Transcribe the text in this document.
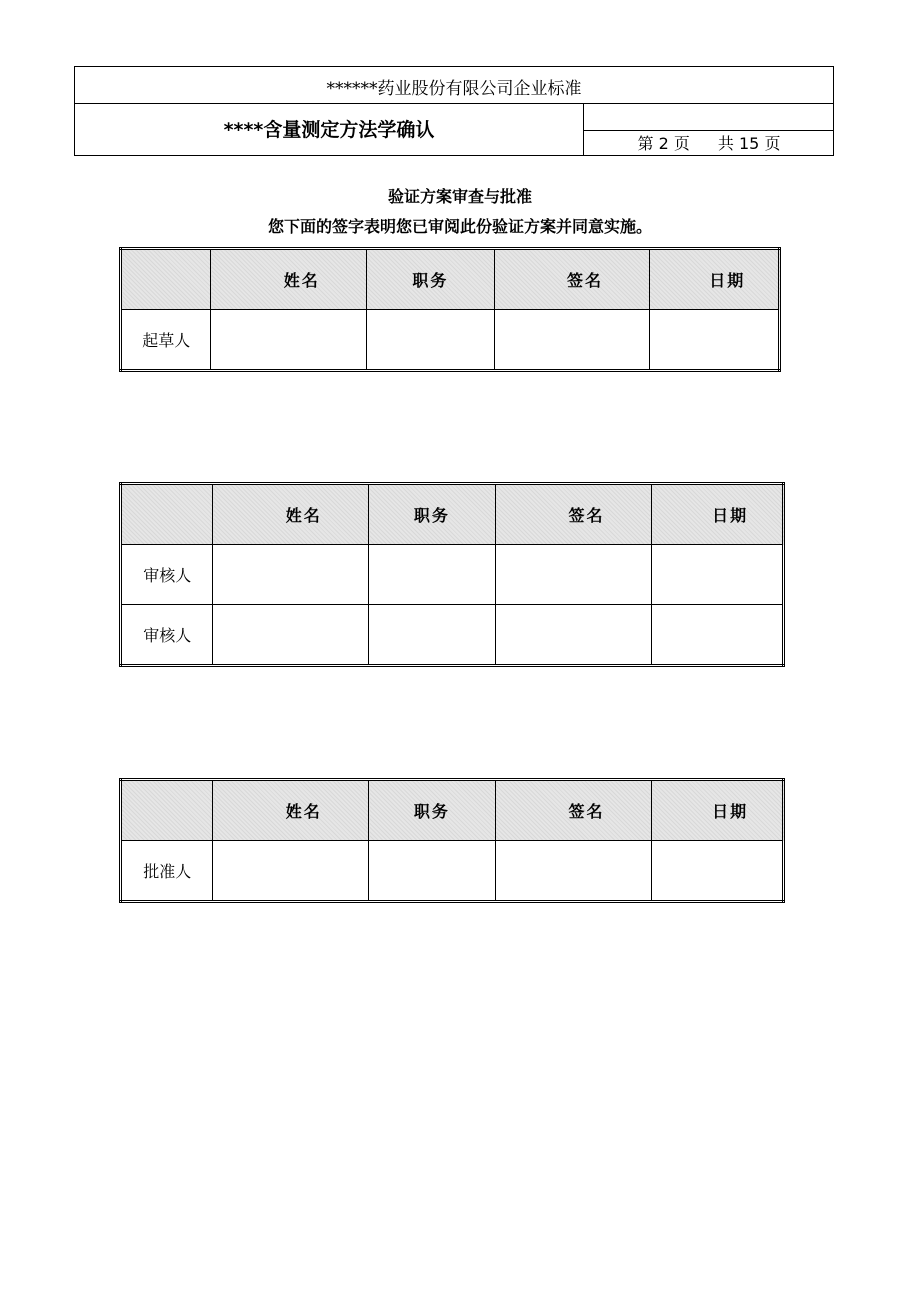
******药业股份有限公司企业标准
****含量测定方法学确认
第 2 页 共 15 页
验证方案审查与批准
您下面的签字表明您已审阅此份验证方案并同意实施。
	姓名	职务	签名	日期
起草人				
	姓名	职务	签名	日期
审核人				
审核人				
	姓名	职务	签名	日期
批准人				
